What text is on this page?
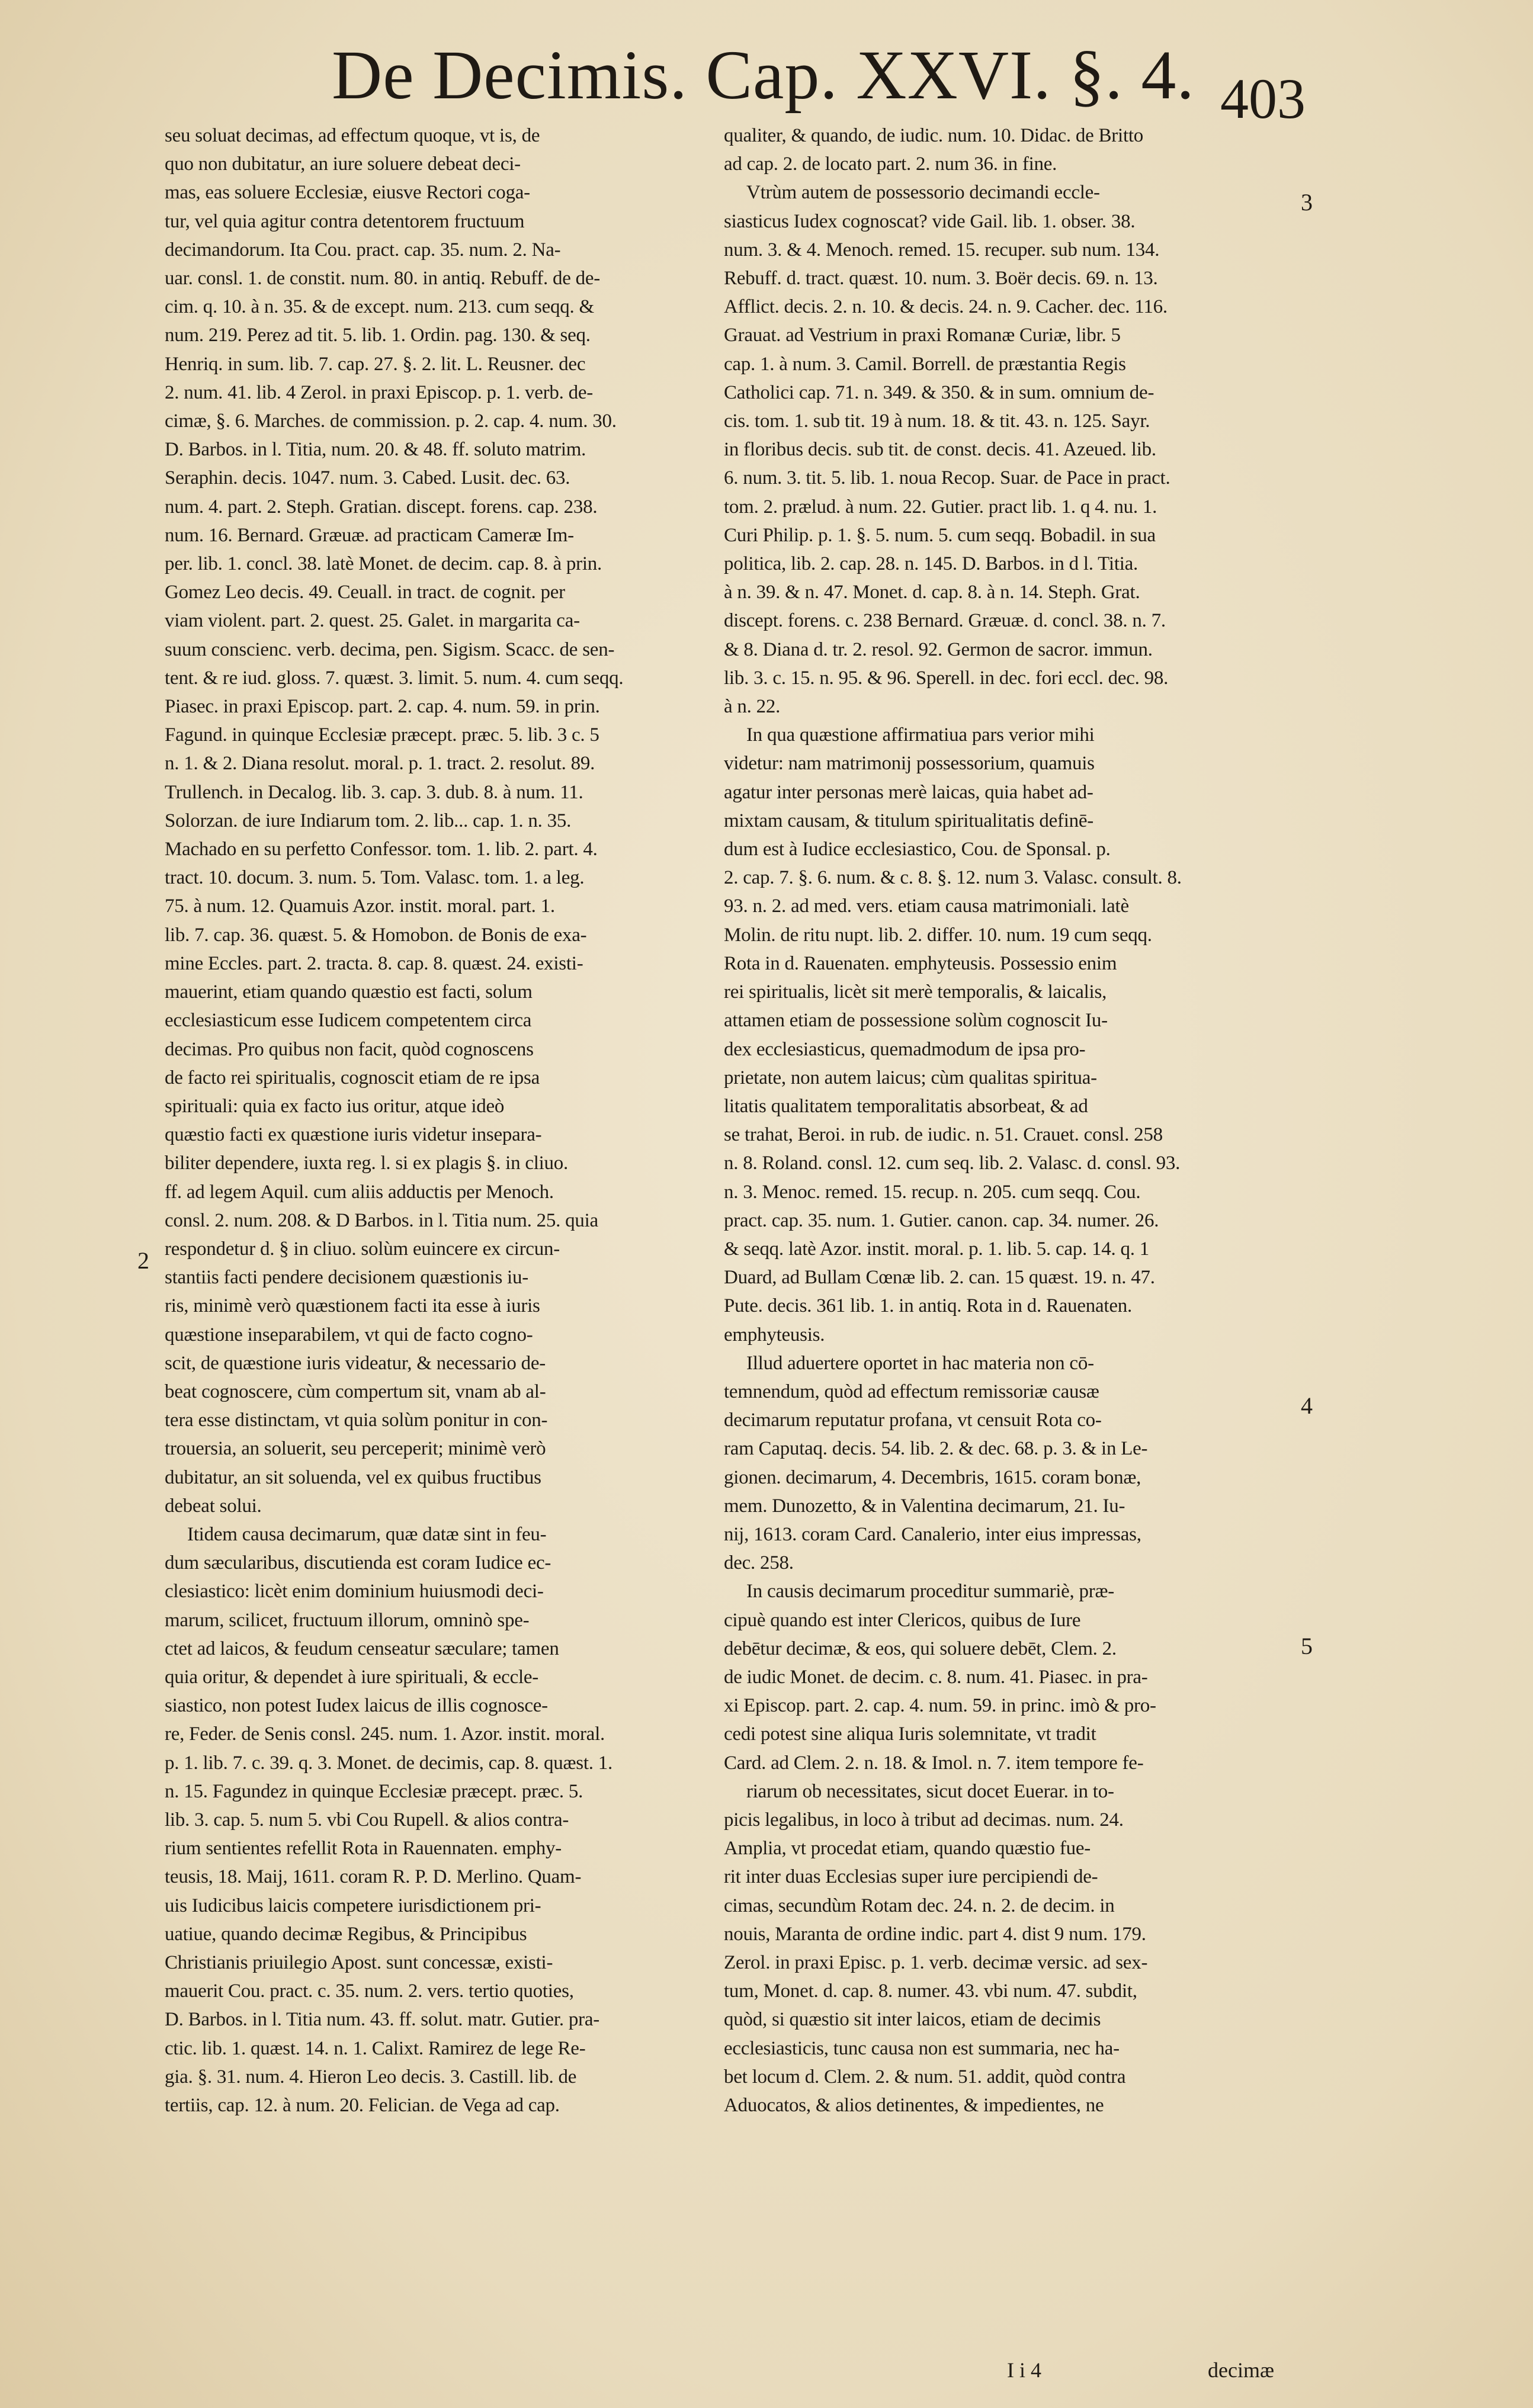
De Decimis. Cap. XXVI. §. 4. 403

seu soluat decimas, ad effectum quoque, vt is, de

quo non dubitatur, an iure soluere debeat deci-

mas, eas soluere Ecclesiæ, eiusve Rectori coga-

tur, vel quia agitur contra detentorem fructuum

decimandorum. Ita Cou. pract. cap. 35. num. 2. Na-

uar. consl. 1. de constit. num. 80. in antiq. Rebuff. de de-

cim. q. 10. à n. 35. & de except. num. 213. cum seqq. &

num. 219. Perez ad tit. 5. lib. 1. Ordin. pag. 130. & seq.

Henriq. in sum. lib. 7. cap. 27. §. 2. lit. L. Reusner. dec

2. num. 41. lib. 4 Zerol. in praxi Episcop. p. 1. verb. de-

cimæ, §. 6. Marches. de commission. p. 2. cap. 4. num. 30.

D. Barbos. in l. Titia, num. 20. & 48. ff. soluto matrim.

Seraphin. decis. 1047. num. 3. Cabed. Lusit. dec. 63.

num. 4. part. 2. Steph. Gratian. discept. forens. cap. 238.

num. 16. Bernard. Græuæ. ad practicam Cameræ Im-

per. lib. 1. concl. 38. latè Monet. de decim. cap. 8. à prin.

Gomez Leo decis. 49. Ceuall. in tract. de cognit. per

viam violent. part. 2. quest. 25. Galet. in margarita ca-

suum conscienc. verb. decima, pen. Sigism. Scacc. de sen-

tent. & re iud. gloss. 7. quæst. 3. limit. 5. num. 4. cum seqq.

Piasec. in praxi Episcop. part. 2. cap. 4. num. 59. in prin.

Fagund. in quinque Ecclesiæ præcept. præc. 5. lib. 3 c. 5

n. 1. & 2. Diana resolut. moral. p. 1. tract. 2. resolut. 89.

Trullench. in Decalog. lib. 3. cap. 3. dub. 8. à num. 11.

Solorzan. de iure Indiarum tom. 2. lib... cap. 1. n. 35.

Machado en su perfetto Confessor. tom. 1. lib. 2. part. 4.

tract. 10. docum. 3. num. 5. Tom. Valasc. tom. 1. a leg.

75. à num. 12. Quamuis Azor. instit. moral. part. 1.

lib. 7. cap. 36. quæst. 5. & Homobon. de Bonis de exa-

mine Eccles. part. 2. tracta. 8. cap. 8. quæst. 24. existi-

mauerint, etiam quando quæstio est facti, solum

ecclesiasticum esse Iudicem competentem circa

decimas. Pro quibus non facit, quòd cognoscens

de facto rei spiritualis, cognoscit etiam de re ipsa

spirituali: quia ex facto ius oritur, atque ideò

quæstio facti ex quæstione iuris videtur insepara-

biliter dependere, iuxta reg. l. si ex plagis §. in cliuo.

ff. ad legem Aquil. cum aliis adductis per Menoch.

consl. 2. num. 208. & D Barbos. in l. Titia num. 25. quia

respondetur d. § in cliuo. solùm euincere ex circun-

stantiis facti pendere decisionem quæstionis iu-

ris, minimè verò quæstionem facti ita esse à iuris

quæstione inseparabilem, vt qui de facto cogno-

scit, de quæstione iuris videatur, & necessario de-

beat cognoscere, cùm compertum sit, vnam ab al-

tera esse distinctam, vt quia solùm ponitur in con-

trouersia, an soluerit, seu perceperit; minimè verò

dubitatur, an sit soluenda, vel ex quibus fructibus

debeat solui.

Itidem causa decimarum, quæ datæ sint in feu-

dum sæcularibus, discutienda est coram Iudice ec-

clesiastico: licèt enim dominium huiusmodi deci-

marum, scilicet, fructuum illorum, omninò spe-

ctet ad laicos, & feudum censeatur sæculare; tamen

quia oritur, & dependet à iure spirituali, & eccle-

siastico, non potest Iudex laicus de illis cognosce-

re, Feder. de Senis consl. 245. num. 1. Azor. instit. moral.

p. 1. lib. 7. c. 39. q. 3. Monet. de decimis, cap. 8. quæst. 1.

n. 15. Fagundez in quinque Ecclesiæ præcept. præc. 5.

lib. 3. cap. 5. num 5. vbi Cou Rupell. & alios contra-

rium sentientes refellit Rota in Rauennaten. emphy-

teusis, 18. Maij, 1611. coram R. P. D. Merlino. Quam-

uis Iudicibus laicis competere iurisdictionem pri-

uatiue, quando decimæ Regibus, & Principibus

Christianis priuilegio Apost. sunt concessæ, existi-

mauerit Cou. pract. c. 35. num. 2. vers. tertio quoties,

D. Barbos. in l. Titia num. 43. ff. solut. matr. Gutier. pra-

ctic. lib. 1. quæst. 14. n. 1. Calixt. Ramirez de lege Re-

gia. §. 31. num. 4. Hieron Leo decis. 3. Castill. lib. de

tertiis, cap. 12. à num. 20. Felician. de Vega ad cap.

qualiter, & quando, de iudic. num. 10. Didac. de Britto

ad cap. 2. de locato part. 2. num 36. in fine.

Vtrùm autem de possessorio decimandi eccle-

siasticus Iudex cognoscat? vide Gail. lib. 1. obser. 38.

num. 3. & 4. Menoch. remed. 15. recuper. sub num. 134.

Rebuff. d. tract. quæst. 10. num. 3. Boër decis. 69. n. 13.

Afflict. decis. 2. n. 10. & decis. 24. n. 9. Cacher. dec. 116.

Grauat. ad Vestrium in praxi Romanæ Curiæ, libr. 5

cap. 1. à num. 3. Camil. Borrell. de præstantia Regis

Catholici cap. 71. n. 349. & 350. & in sum. omnium de-

cis. tom. 1. sub tit. 19 à num. 18. & tit. 43. n. 125. Sayr.

in floribus decis. sub tit. de const. decis. 41. Azeued. lib.

6. num. 3. tit. 5. lib. 1. noua Recop. Suar. de Pace in pract.

tom. 2. prælud. à num. 22. Gutier. pract lib. 1. q 4. nu. 1.

Curi Philip. p. 1. §. 5. num. 5. cum seqq. Bobadil. in sua

politica, lib. 2. cap. 28. n. 145. D. Barbos. in d l. Titia.

à n. 39. & n. 47. Monet. d. cap. 8. à n. 14. Steph. Grat.

discept. forens. c. 238 Bernard. Græuæ. d. concl. 38. n. 7.

& 8. Diana d. tr. 2. resol. 92. Germon de sacror. immun.

lib. 3. c. 15. n. 95. & 96. Sperell. in dec. fori eccl. dec. 98.

à n. 22.

In qua quæstione affirmatiua pars verior mihi

videtur: nam matrimonij possessorium, quamuis

agatur inter personas merè laicas, quia habet ad-

mixtam causam, & titulum spiritualitatis definē-

dum est à Iudice ecclesiastico, Cou. de Sponsal. p.

2. cap. 7. §. 6. num. & c. 8. §. 12. num 3. Valasc. consult. 8.

93. n. 2. ad med. vers. etiam causa matrimoniali. latè

Molin. de ritu nupt. lib. 2. differ. 10. num. 19 cum seqq.

Rota in d. Rauenaten. emphyteusis. Possessio enim

rei spiritualis, licèt sit merè temporalis, & laicalis,

attamen etiam de possessione solùm cognoscit Iu-

dex ecclesiasticus, quemadmodum de ipsa pro-

prietate, non autem laicus; cùm qualitas spiritua-

litatis qualitatem temporalitatis absorbeat, & ad

se trahat, Beroi. in rub. de iudic. n. 51. Crauet. consl. 258

n. 8. Roland. consl. 12. cum seq. lib. 2. Valasc. d. consl. 93.

n. 3. Menoc. remed. 15. recup. n. 205. cum seqq. Cou.

pract. cap. 35. num. 1. Gutier. canon. cap. 34. numer. 26.

& seqq. latè Azor. instit. moral. p. 1. lib. 5. cap. 14. q. 1

Duard, ad Bullam Cœnæ lib. 2. can. 15 quæst. 19. n. 47.

Pute. decis. 361 lib. 1. in antiq. Rota in d. Rauenaten.

emphyteusis.

Illud aduertere oportet in hac materia non cō-

temnendum, quòd ad effectum remissoriæ causæ

decimarum reputatur profana, vt censuit Rota co-

ram Caputaq. decis. 54. lib. 2. & dec. 68. p. 3. & in Le-

gionen. decimarum, 4. Decembris, 1615. coram bonæ,

mem. Dunozetto, & in Valentina decimarum, 21. Iu-

nij, 1613. coram Card. Canalerio, inter eius impressas,

dec. 258.

In causis decimarum proceditur summariè, præ-

cipuè quando est inter Clericos, quibus de Iure

debētur decimæ, & eos, qui soluere debēt, Clem. 2.

de iudic Monet. de decim. c. 8. num. 41. Piasec. in pra-

xi Episcop. part. 2. cap. 4. num. 59. in princ. imò & pro-

cedi potest sine aliqua Iuris solemnitate, vt tradit

Card. ad Clem. 2. n. 18. & Imol. n. 7. item tempore fe-

riarum ob necessitates, sicut docet Euerar. in to-

picis legalibus, in loco à tribut ad decimas. num. 24.

Amplia, vt procedat etiam, quando quæstio fue-

rit inter duas Ecclesias super iure percipiendi de-

cimas, secundùm Rotam dec. 24. n. 2. de decim. in

nouis, Maranta de ordine indic. part 4. dist 9 num. 179.

Zerol. in praxi Episc. p. 1. verb. decimæ versic. ad sex-

tum, Monet. d. cap. 8. numer. 43. vbi num. 47. subdit,

quòd, si quæstio sit inter laicos, etiam de decimis

ecclesiasticis, tunc causa non est summaria, nec ha-

bet locum d. Clem. 2. & num. 51. addit, quòd contra

Aduocatos, & alios detinentes, & impedientes, ne

2
3
4
5
I i 4	decimæ
